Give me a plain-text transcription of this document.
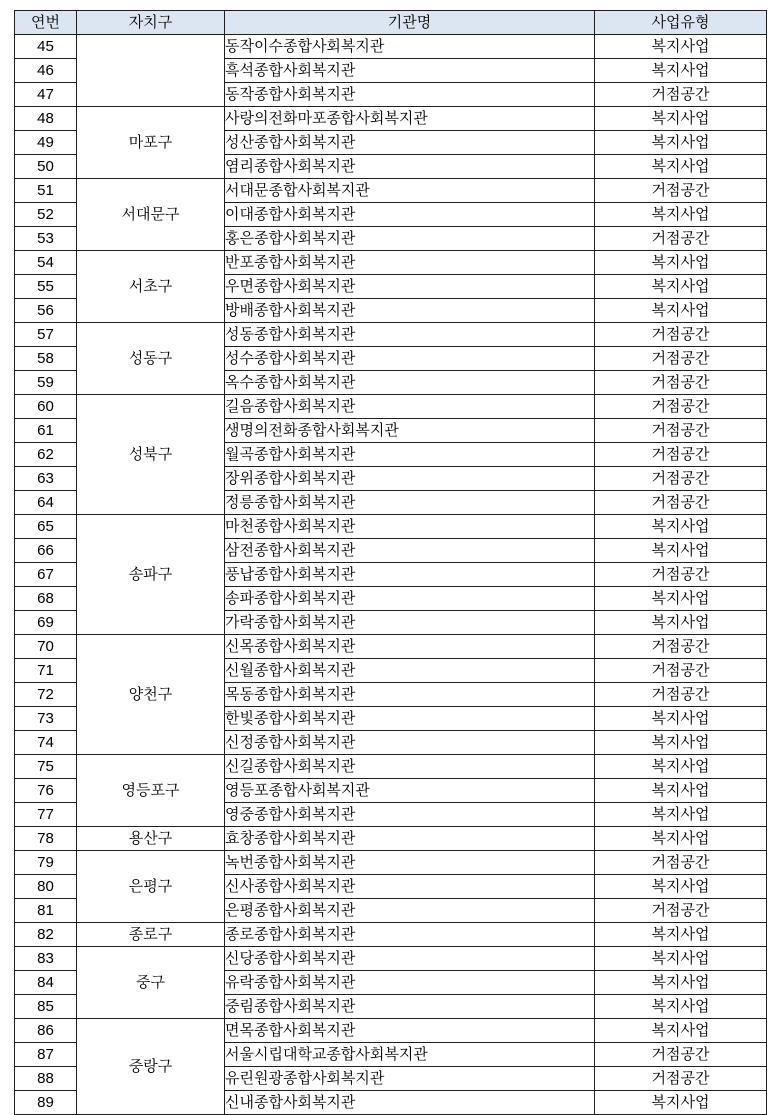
연번	자치구	기관명	사업유형
45		동작이수종합사회복지관	복지사업
46		흑석종합사회복지관	복지사업
47		동작종합사회복지관	거점공간
48	마포구	사랑의전화마포종합사회복지관	복지사업
49		성산종합사회복지관	복지사업
50		염리종합사회복지관	복지사업
51	서대문구	서대문종합사회복지관	거점공간
52		이대종합사회복지관	복지사업
53		홍은종합사회복지관	거점공간
54	서초구	반포종합사회복지관	복지사업
55		우면종합사회복지관	복지사업
56		방배종합사회복지관	복지사업
57	성동구	성동종합사회복지관	거점공간
58		성수종합사회복지관	거점공간
59		옥수종합사회복지관	거점공간
60	성북구	길음종합사회복지관	거점공간
61		생명의전화종합사회복지관	거점공간
62		월곡종합사회복지관	거점공간
63		장위종합사회복지관	거점공간
64		정릉종합사회복지관	거점공간
65	송파구	마천종합사회복지관	복지사업
66		삼전종합사회복지관	복지사업
67		풍납종합사회복지관	거점공간
68		송파종합사회복지관	복지사업
69		가락종합사회복지관	복지사업
70	양천구	신목종합사회복지관	거점공간
71		신월종합사회복지관	거점공간
72		목동종합사회복지관	거점공간
73		한빛종합사회복지관	복지사업
74		신정종합사회복지관	복지사업
75	영등포구	신길종합사회복지관	복지사업
76		영등포종합사회복지관	복지사업
77		영중종합사회복지관	복지사업
78	용산구	효창종합사회복지관	복지사업
79	은평구	녹번종합사회복지관	거점공간
80		신사종합사회복지관	복지사업
81		은평종합사회복지관	거점공간
82	종로구	종로종합사회복지관	복지사업
83	중구	신당종합사회복지관	복지사업
84		유락종합사회복지관	복지사업
85		중림종합사회복지관	복지사업
86	중랑구	면목종합사회복지관	복지사업
87		서울시립대학교종합사회복지관	거점공간
88		유린원광종합사회복지관	거점공간
89		신내종합사회복지관	복지사업
